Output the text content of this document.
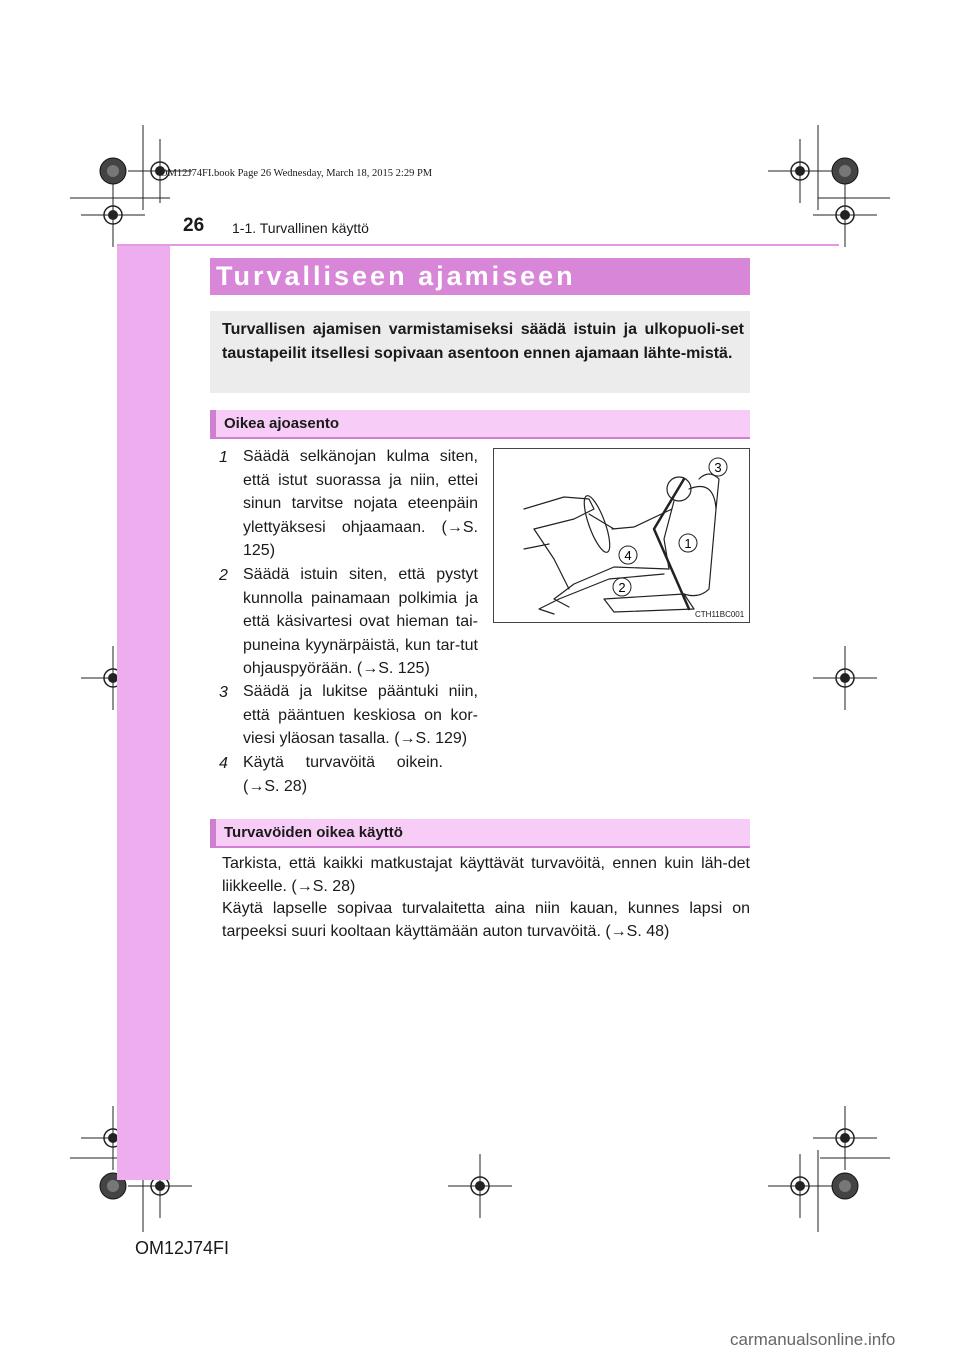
OM12J74FI.book Page 26 Wednesday, March 18, 2015 2:29 PM
26 1-1. Turvallinen käyttö
Turvalliseen ajamiseen
Turvallisen ajamisen varmistamiseksi säädä istuin ja ulkopuoli-set taustapeilit itsellesi sopivaan asentoon ennen ajamaan lähte-mistä.
Oikea ajoasento
1 Säädä selkänojan kulma siten, että istut suorassa ja niin, ettei sinun tarvitse nojata eteenpäin ylettyäksesi ohjaamaan. (→S. 125)
2 Säädä istuin siten, että pystyt kunnolla painamaan polkimia ja että käsivartesi ovat hieman tai-puneina kyynärpäistä, kun tar-tut ohjauspyörään. (→S. 125)
3 Säädä ja lukitse pääntuki niin, että pääntuen keskiosa on kor-viesi yläosan tasalla. (→S. 129)
4 Käytä turvavöitä oikein. (→S. 28)
3
1
4
2
CTH11BC001
Turvavöiden oikea käyttö
Tarkista, että kaikki matkustajat käyttävät turvavöitä, ennen kuin läh-det liikkeelle. (→S. 28)
Käytä lapselle sopivaa turvalaitetta aina niin kauan, kunnes lapsi on tarpeeksi suuri kooltaan käyttämään auton turvavöitä. (→S. 48)
OM12J74FI
carmanualsonline.info
